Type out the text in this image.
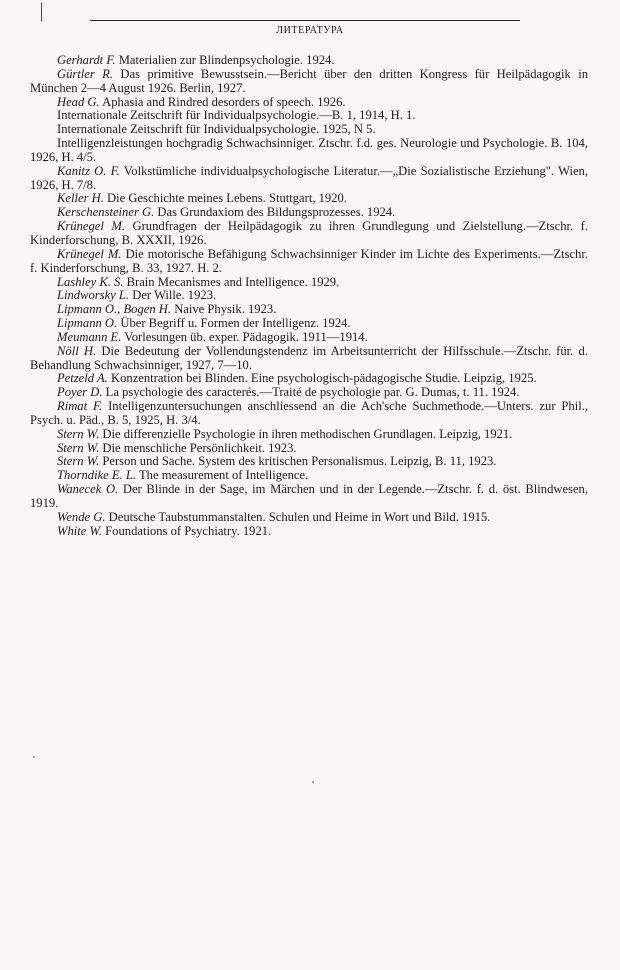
ЛИТЕРАТУРА
Gerhardt F. Materialien zur Blindenpsychologie. 1924.
Gürtler R. Das primitive Bewusstsein.—Bericht über den dritten Kongress für Heilpädagogik in München 2—4 August 1926. Berlin, 1927.
Head G. Aphasia and Rindred desorders of speech. 1926.
Internationale Zeitschrift für Individualpsychologie.—B. 1, 1914, H. 1.
Internationale Zeitschrift für Individualpsychologie. 1925, N 5.
Intelligenzleistungen hochgradig Schwachsinniger. Ztschr. f.d. ges. Neurologie und Psychologie. B. 104, 1926, H. 4/5.
Kanitz O. F. Volkstümliche individualpsychologische Literatur.—„Die Sozialistische Erziehung". Wien, 1926, H. 7/8.
Keller H. Die Geschichte meines Lebens. Stuttgart, 1920.
Kerschensteiner G. Das Grundaxiom des Bildungsprozesses. 1924.
Krünegel M. Grundfragen der Heilpädagogik zu ihren Grundlegung und Zielstellung.—Ztschr. f. Kinderforschung, B. XXXII, 1926.
Krünegel M. Die motorische Befähigung Schwachsinniger Kinder im Lichte des Experiments.—Ztschr. f. Kinderforschung, B. 33, 1927. H. 2.
Lashley K. S. Brain Mecanismes and Intelligence. 1929.
Lindworsky L. Der Wille. 1923.
Lipmann O., Bogen H. Naive Physik. 1923.
Lipmann O. Über Begriff u. Formen der Intelligenz. 1924.
Meumann E. Vorlesungen üb. exper. Pädagogik. 1911—1914.
Nöll H. Die Bedeutung der Vollendungstendenz im Arbeitsunterricht der Hilfsschule.—Ztschr. für. d. Behandlung Schwachsinniger, 1927, 7—10.
Petzeld A. Konzentration bei Blinden. Eine psychologisch-pädagogische Studie. Leipzig, 1925.
Poyer D. La psychologie des caracterés.—Traité de psychologie par. G. Dumas, t. 11. 1924.
Rimat F. Intelligenzuntersuchungen anschliessend an die Ach'sche Suchmethode.—Unters. zur Phil., Psych. u. Päd., B. 5, 1925, H. 3/4.
Stern W. Die differenzielle Psychologie in ihren methodischen Grundlagen. Leipzig, 1921.
Stern W. Die menschliche Persönlichkeit. 1923.
Stern W. Person und Sache. System des kritischen Personalismus. Leipzig, B. 11, 1923.
Thorndike E. L. The measurement of Intelligence.
Wanecek O. Der Blinde in der Sage, im Märchen und in der Legende.—Ztschr. f. d. öst. Blindwesen, 1919.
Wende G. Deutsche Taubstummanstalten. Schulen und Heime in Wort und Bild. 1915.
White W. Foundations of Psychiatry. 1921.
